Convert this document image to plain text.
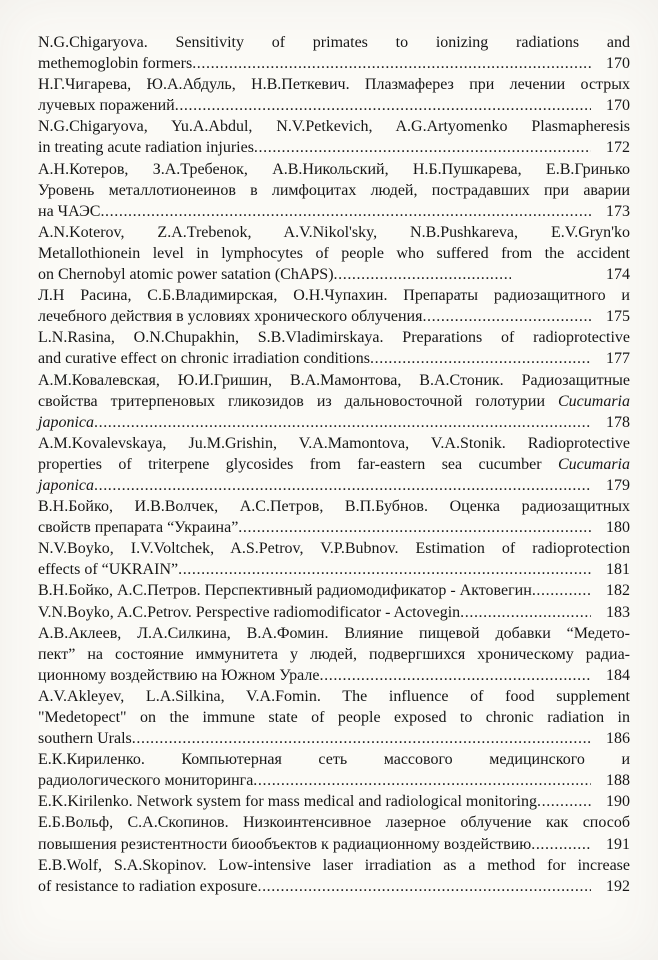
N.G.Chigaryova. Sensitivity of primates to ionizing radiations and
methemoglobin formers .....	170
Н.Г.Чигарева, Ю.А.Абдуль, Н.В.Петкевич. Плазмаферез при лечении острых
лучевых поражений .....	170
N.G.Chigaryova, Yu.A.Abdul, N.V.Petkevich, A.G.Artyomenko Plasmapheresis
in treating acute radiation injuries .....	172
А.Н.Котеров, З.А.Требенок, А.В.Никольский, Н.Б.Пушкарева, Е.В.Гринько
Уровень металлотионеинов в лимфоцитах людей, пострадавших при аварии
на ЧАЭС .....	173
A.N.Koterov, Z.A.Trebenok, A.V.Nikol'sky, N.B.Pushkareva, E.V.Gryn'ko
Metallothionein level in lymphocytes of people who suffered from the accident
on Chernobyl atomic power satation (ChAPS) .....	174
Л.Н Расина, С.Б.Владимирская, О.Н.Чупахин. Препараты радиозащитного и
лечебного действия в условиях хронического облучения .....	175
L.N.Rasina, O.N.Chupakhin, S.B.Vladimirskaya. Preparations of radioprotective
and curative effect on chronic irradiation conditions .....	177
А.М.Ковалевская, Ю.И.Гришин, В.А.Мамонтова, В.А.Стоник. Радиозащитные
свойства тритерпеновых гликозидов из дальновосточной голотурии Cucumaria
japonica .....	178
A.M.Kovalevskaya, Ju.M.Grishin, V.A.Mamontova, V.A.Stonik. Radioprotective
properties of triterpene glycosides from far-eastern sea cucumber Cucumaria
japonica .....	179
В.Н.Бойко, И.В.Волчек, А.С.Петров, В.П.Бубнов. Оценка радиозащитных
свойств препарата “Украина” .....	180
N.V.Boyko, I.V.Voltchek, A.S.Petrov, V.P.Bubnov. Estimation of radioprotection
effects of “UKRAIN” .....	181
В.Н.Бойко, А.С.Петров. Перспективный радиомодификатор - Актовегин .....	182
V.N.Boyko, A.C.Petrov. Perspective radiomodificator - Actovegin .....	183
А.В.Аклеев, Л.А.Силкина, В.А.Фомин. Влияние пищевой добавки “Медето-
пект” на состояние иммунитета у людей, подвергшихся хроническому радиа-
ционному воздействию на Южном Урале .....	184
A.V.Akleyev, L.A.Silkina, V.A.Fomin. The influence of food supplement
"Medetopect" on the immune state of people exposed to chronic radiation in
southern Urals .....	186
Е.К.Кириленко. Компьютерная сеть массового медицинского и
радиологического мониторинга .....	188
E.K.Kirilenko. Network system for mass medical and radiological monitoring .....	190
Е.Б.Вольф, С.А.Скопинов. Низкоинтенсивное лазерное облучение как способ
повышения резистентности биообъектов к радиационному воздействию .....	191
E.B.Wolf, S.A.Skopinov. Low-intensive laser irradiation as a method for increase
of resistance to radiation exposure .....	192
